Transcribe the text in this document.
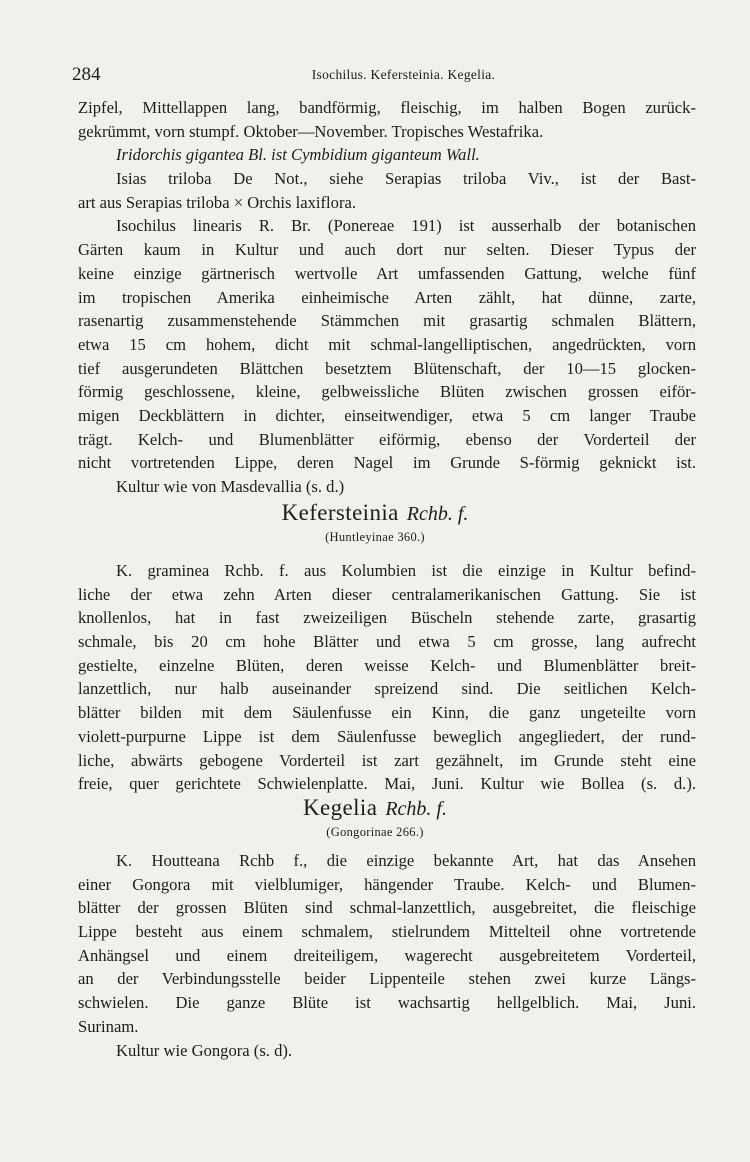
284	Isochilus. Kefersteinia. Kegelia.
Zipfel, Mittellappen lang, bandförmig, fleischig, im halben Bogen zurück-
gekrümmt, vorn stumpf. Oktober—November. Tropisches Westafrika.
Iridorchis gigantea Bl. ist Cymbidium giganteum Wall.
Isias triloba De Not., siehe Serapias triloba Viv., ist der Bast-
art aus Serapias triloba × Orchis laxiflora.
Isochilus linearis R. Br. (Ponereae 191) ist ausserhalb der botanischen
Gärten kaum in Kultur und auch dort nur selten. Dieser Typus der
keine einzige gärtnerisch wertvolle Art umfassenden Gattung, welche fünf
im tropischen Amerika einheimische Arten zählt, hat dünne, zarte,
rasenartig zusammenstehende Stämmchen mit grasartig schmalen Blättern,
etwa 15 cm hohem, dicht mit schmal-langelliptischen, angedrückten, vorn
tief ausgerundeten Blättchen besetztem Blütenschaft, der 10—15 glocken-
förmig geschlossene, kleine, gelbweissliche Blüten zwischen grossen eiför-
migen Deckblättern in dichter, einseitwendiger, etwa 5 cm langer Traube
trägt. Kelch- und Blumenblätter eiförmig, ebenso der Vorderteil der
nicht vortretenden Lippe, deren Nagel im Grunde S-förmig geknickt ist.
Kultur wie von Masdevallia (s. d.)
Kefersteinia Rchb. f.
(Huntleyinae 360.)
K. graminea Rchb. f. aus Kolumbien ist die einzige in Kultur befind-
liche der etwa zehn Arten dieser centralamerikanischen Gattung. Sie ist
knollenlos, hat in fast zweizeiligen Büscheln stehende zarte, grasartig
schmale, bis 20 cm hohe Blätter und etwa 5 cm grosse, lang aufrecht
gestielte, einzelne Blüten, deren weisse Kelch- und Blumenblätter breit-
lanzettlich, nur halb auseinander spreizend sind. Die seitlichen Kelch-
blätter bilden mit dem Säulenfusse ein Kinn, die ganz ungeteilte vorn
violett-purpurne Lippe ist dem Säulenfusse beweglich angegliedert, der rund-
liche, abwärts gebogene Vorderteil ist zart gezähnelt, im Grunde steht eine
freie, quer gerichtete Schwielenplatte. Mai, Juni. Kultur wie Bollea (s. d.).
Kegelia Rchb. f.
(Gongorinae 266.)
K. Houtteana Rchb f., die einzige bekannte Art, hat das Ansehen
einer Gongora mit vielblumiger, hängender Traube. Kelch- und Blumen-
blätter der grossen Blüten sind schmal-lanzettlich, ausgebreitet, die fleischige
Lippe besteht aus einem schmalem, stielrundem Mittelteil ohne vortretende
Anhängsel und einem dreiteiligem, wagerecht ausgebreitetem Vorderteil,
an der Verbindungsstelle beider Lippenteile stehen zwei kurze Längs-
schwielen. Die ganze Blüte ist wachsartig hellgelblich. Mai, Juni.
Surinam.
Kultur wie Gongora (s. d).
